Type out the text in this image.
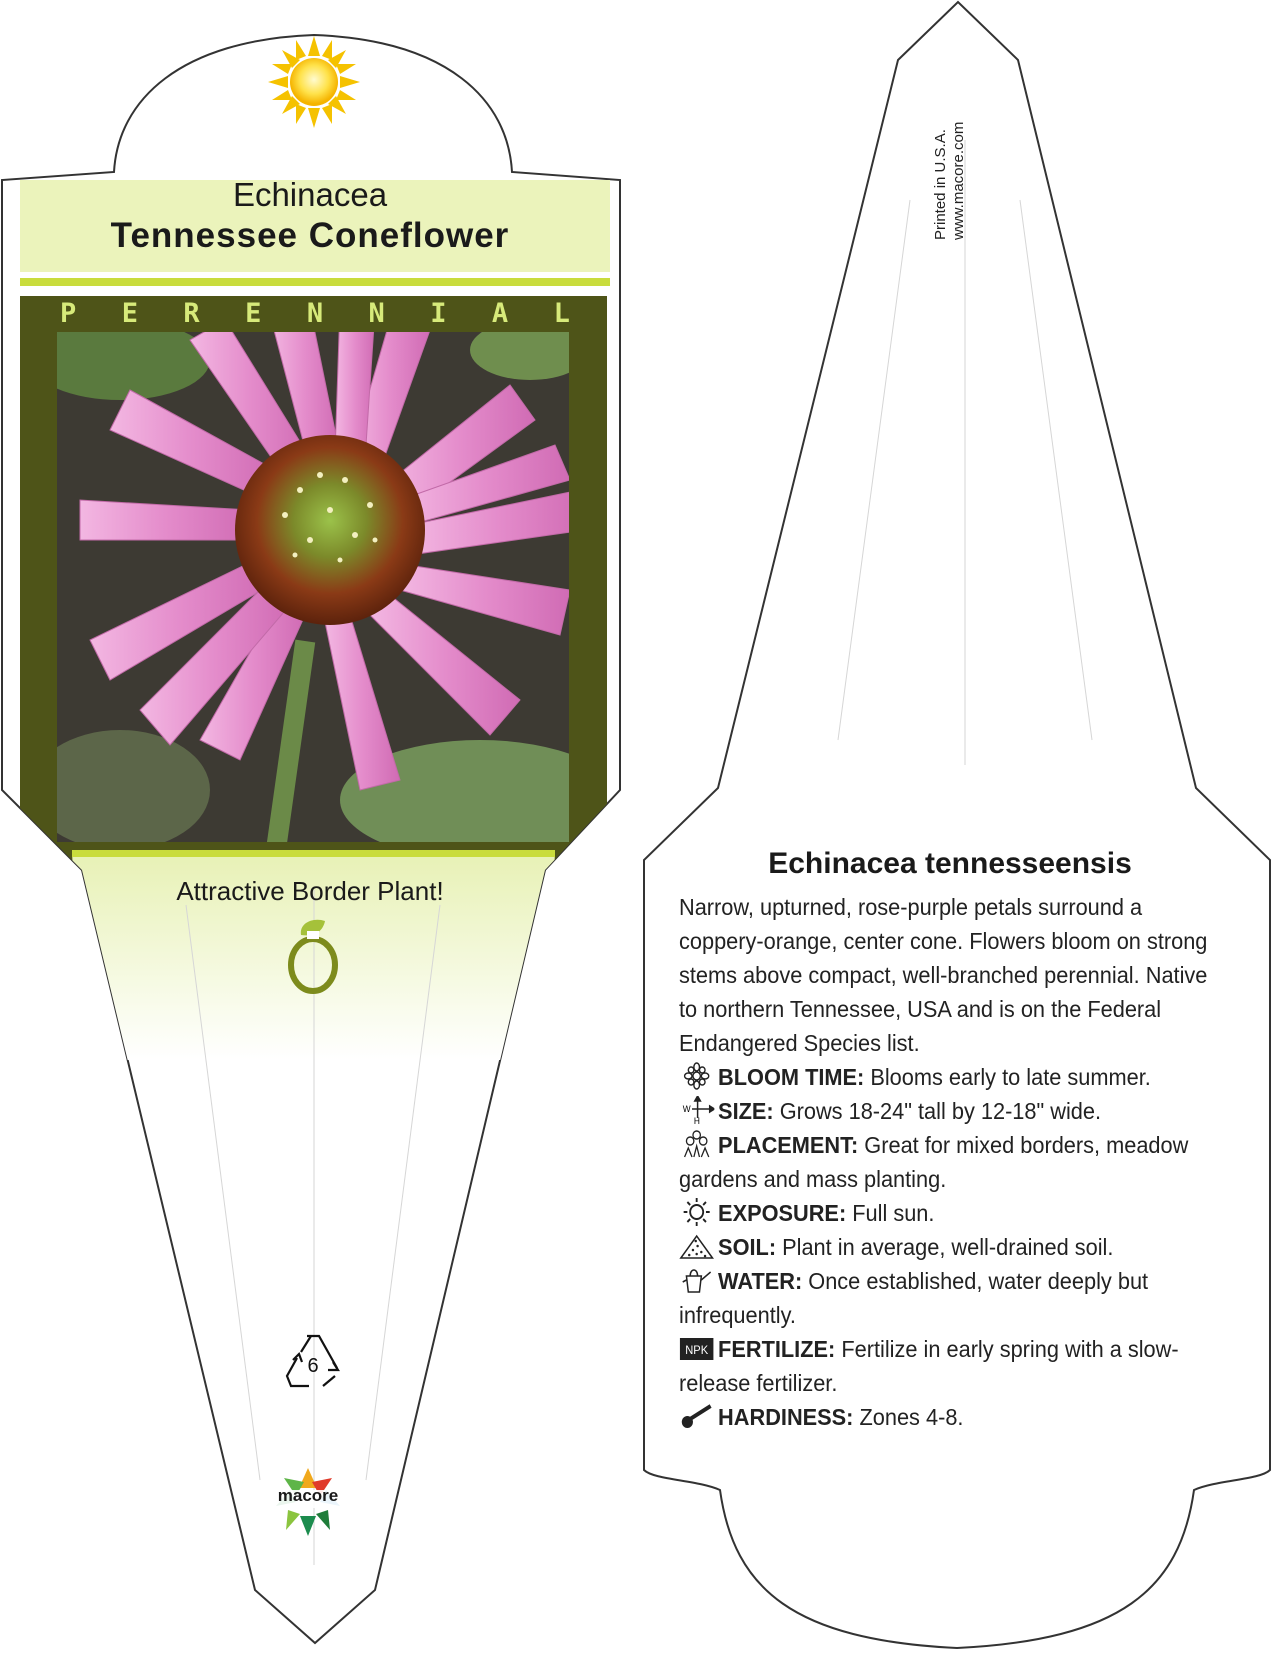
Echinacea
Tennessee Coneflower
P E R E N N I A L
Attractive Border Plant!
6
macore
Printed in U.S.A. www.macore.com
Echinacea tennesseensis

Narrow, upturned, rose-purple petals surround a coppery-orange, center cone. Flowers bloom on strong stems above compact, well-branched perennial. Native to northern Tennessee, USA and is on the Federal Endangered Species list.

BLOOM TIME: Blooms early to late summer.

W
H SIZE: Grows 18-24" tall by 12-18" wide.

PLACEMENT: Great for mixed borders, meadow gardens and mass planting.

EXPOSURE: Full sun.

SOIL: Plant in average, well-drained soil.

WATER: Once established, water deeply but infrequently.

NPK FERTILIZE: Fertilize in early spring with a slow-release fertilizer.

HARDINESS: Zones 4-8.
